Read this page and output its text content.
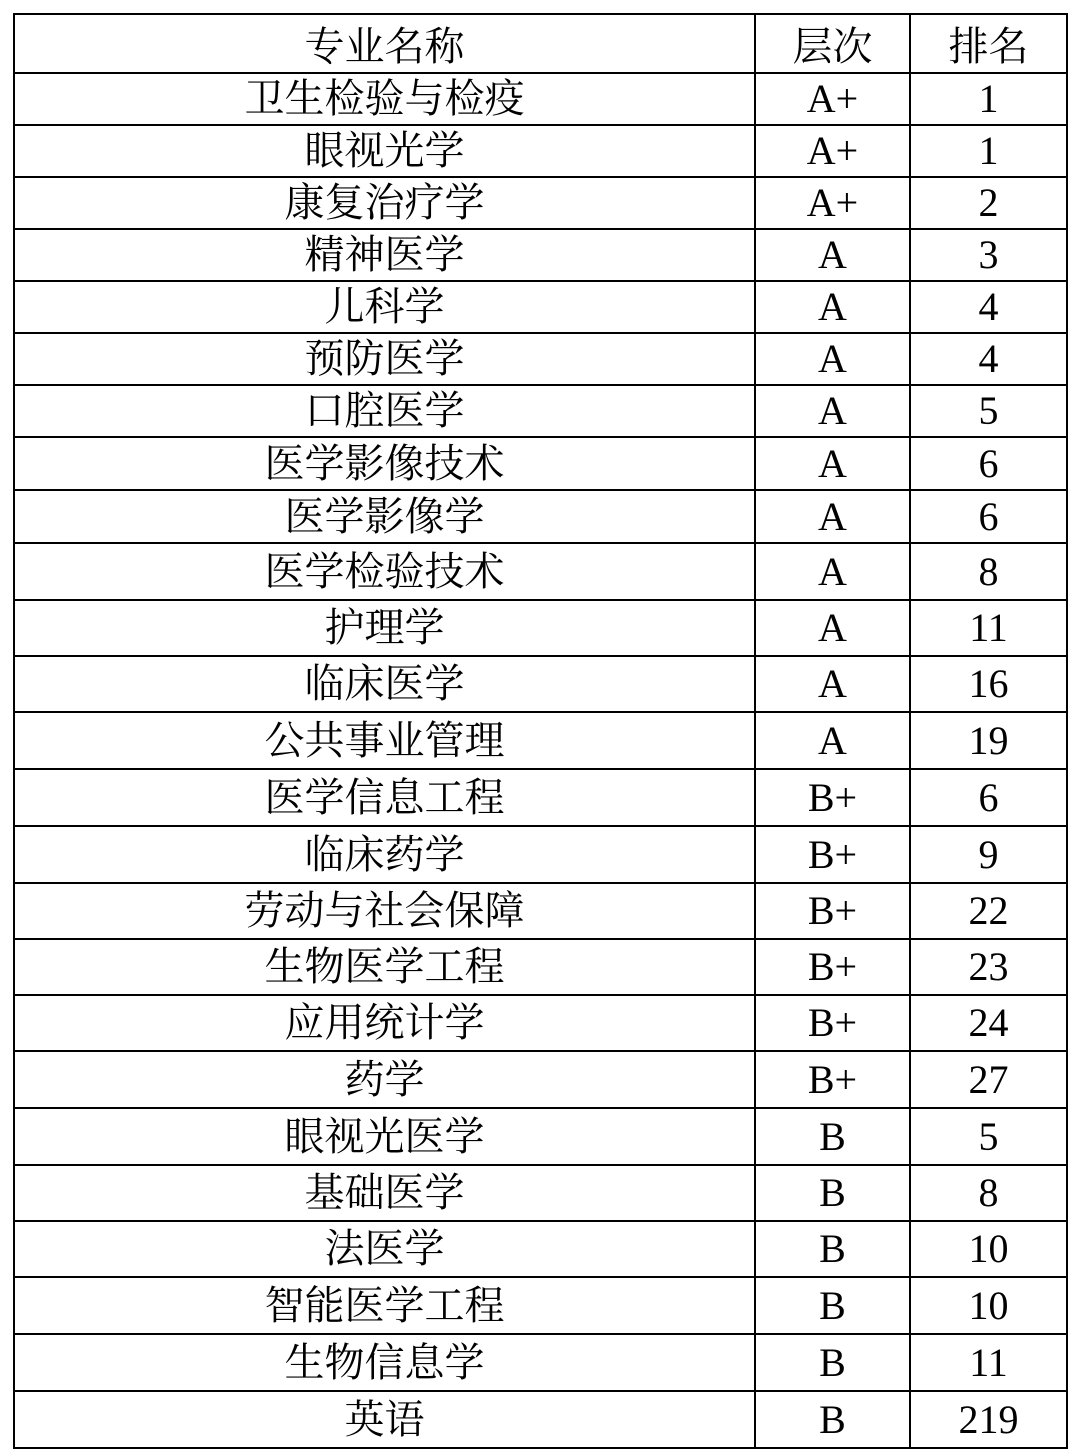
专业名称	层次	排名
卫生检验与检疫	A+	1
眼视光学	A+	1
康复治疗学	A+	2
精神医学	A	3
儿科学	A	4
预防医学	A	4
口腔医学	A	5
医学影像技术	A	6
医学影像学	A	6
医学检验技术	A	8
护理学	A	11
临床医学	A	16
公共事业管理	A	19
医学信息工程	B+	6
临床药学	B+	9
劳动与社会保障	B+	22
生物医学工程	B+	23
应用统计学	B+	24
药学	B+	27
眼视光医学	B	5
基础医学	B	8
法医学	B	10
智能医学工程	B	10
生物信息学	B	11
英语	B	219
